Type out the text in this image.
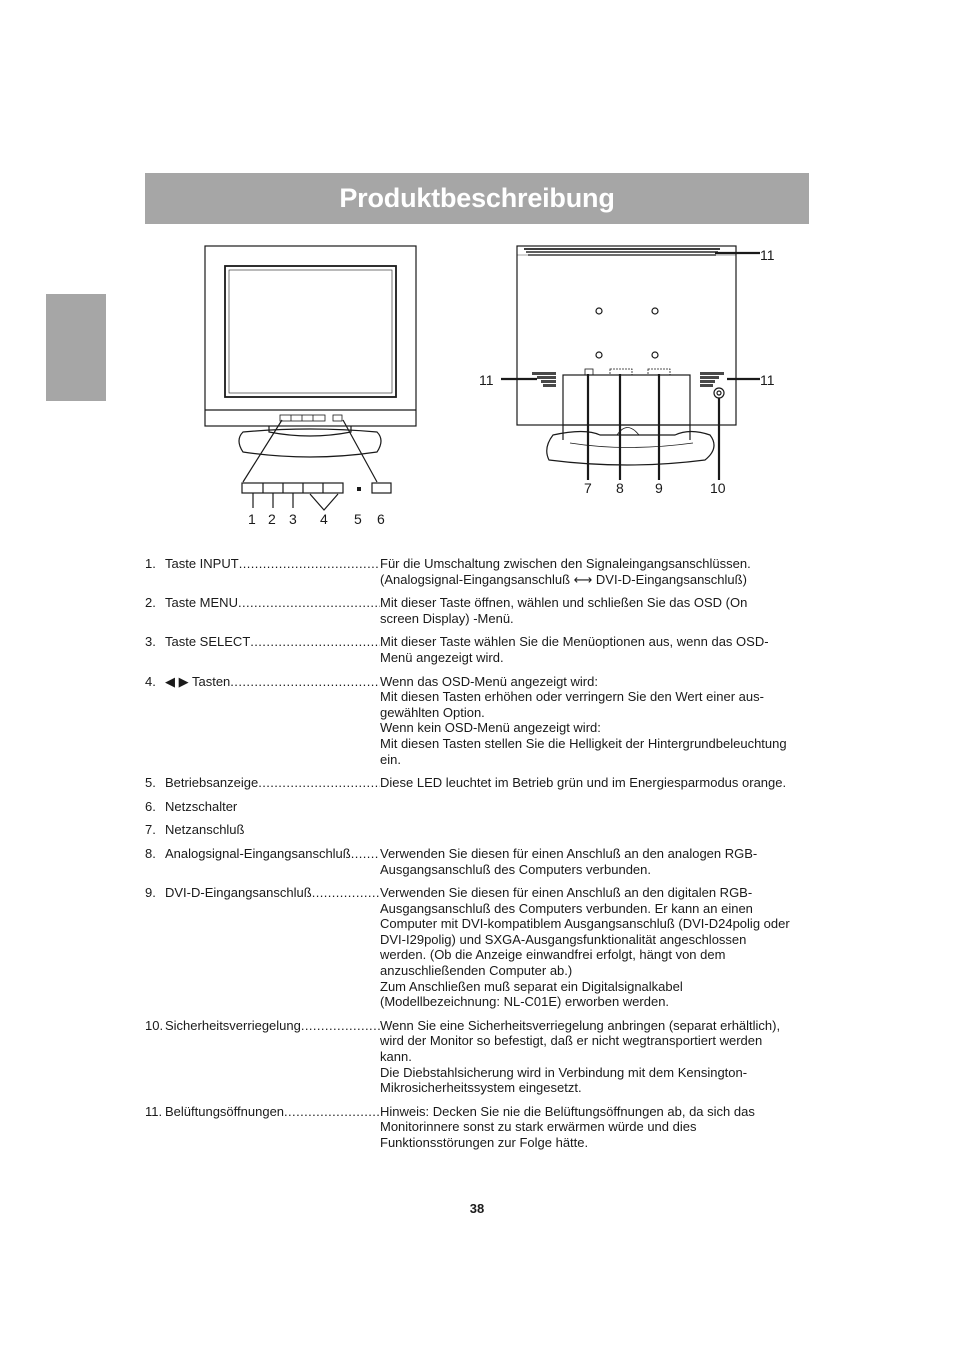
Produktbeschreibung
1 2 3 4 5 6
11
11	11
7 8 9	10
1. Taste INPUT .....	Für die Umschaltung zwischen den Signaleingangsanschlüssen.
(Analogsignal-Eingangsanschluß ⟷ DVI-D-Eingangsanschluß)
2. Taste MENU .....	Mit dieser Taste öffnen, wählen und schließen Sie das OSD (On
screen Display) -Menü.
3. Taste SELECT .....	Mit dieser Taste wählen Sie die Menüoptionen aus, wenn das OSD-
Menü angezeigt wird.
4. ◀ ▶ Tasten .....	Wenn das OSD-Menü angezeigt wird:
Mit diesen Tasten erhöhen oder verringern Sie den Wert einer aus-
gewählten Option.
Wenn kein OSD-Menü angezeigt wird:
Mit diesen Tasten stellen Sie die Helligkeit der Hintergrundbeleuchtung
ein.
5. Betriebsanzeige .....	Diese LED leuchtet im Betrieb grün und im Energiesparmodus orange.
6. Netzschalter
7. Netzanschluß
8. Analogsignal-Eingangsanschluß ..... Verwenden Sie diesen für einen Anschluß an den analogen RGB-
Ausgangsanschluß des Computers verbunden.
9. DVI-D-Eingangsanschluß .....	Verwenden Sie diesen für einen Anschluß an den digitalen RGB-
Ausgangsanschluß des Computers verbunden. Er kann an einen
Computer mit DVI-kompatiblem Ausgangsanschluß (DVI-D24polig oder
DVI-I29polig) und SXGA-Ausgangsfunktionalität angeschlossen
werden. (Ob die Anzeige einwandfrei erfolgt, hängt von dem
anzuschließenden Computer ab.)
Zum Anschließen muß separat ein Digitalsignalkabel
(Modellbezeichnung: NL-C01E) erworben werden.
10. Sicherheitsverriegelung .....	Wenn Sie eine Sicherheitsverriegelung anbringen (separat erhältlich),
wird der Monitor so befestigt, daß er nicht wegtransportiert werden
kann.
Die Diebstahlsicherung wird in Verbindung mit dem Kensington-
Mikrosicherheitssystem eingesetzt.
11. Belüftungsöffnungen .....	Hinweis: Decken Sie nie die Belüftungsöffnungen ab, da sich das
Monitorinnere sonst zu stark erwärmen würde und dies
Funktionsstörungen zur Folge hätte.
38
